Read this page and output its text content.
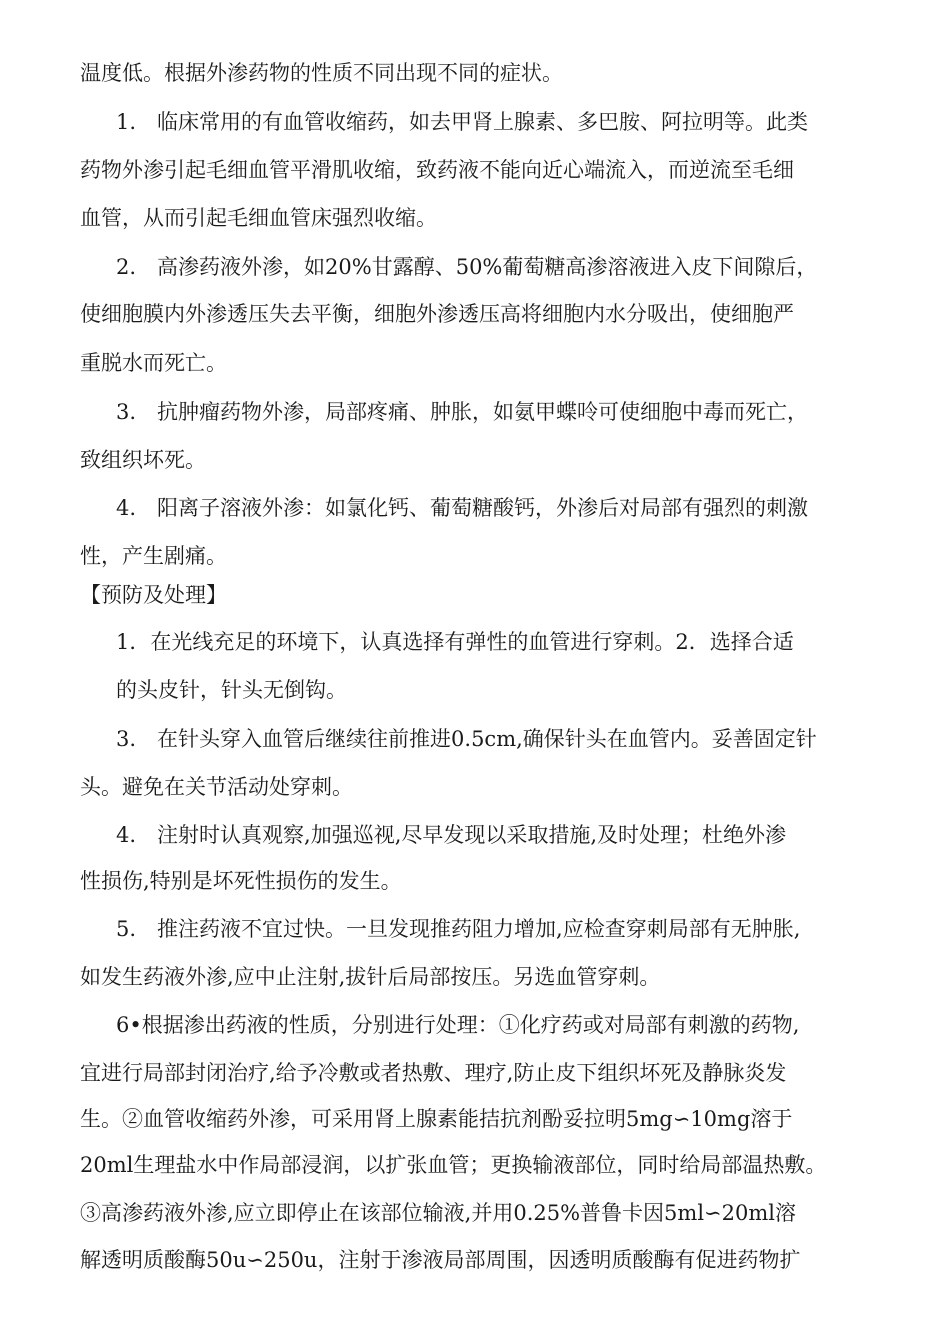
温度低。根据外渗药物的性质不同出现不同的症状。
1.　临床常用的有血管收缩药，如去甲肾上腺素、多巴胺、阿拉明等。此类
药物外渗引起毛细血管平滑肌收缩，致药液不能向近心端流入，而逆流至毛细
血管，从而引起毛细血管床强烈收缩。
2.　高渗药液外渗，如20%甘露醇、50%葡萄糖高渗溶液进入皮下间隙后，
使细胞膜内外渗透压失去平衡，细胞外渗透压高将细胞内水分吸出，使细胞严
重脱水而死亡。
3.　抗肿瘤药物外渗，局部疼痛、肿胀，如氨甲蝶呤可使细胞中毒而死亡，
致组织坏死。
4.　阳离子溶液外渗：如氯化钙、葡萄糖酸钙，外渗后对局部有强烈的刺激
性，产生剧痛。
【预防及处理】
1．在光线充足的环境下，认真选择有弹性的血管进行穿刺。2．选择合适
的头皮针，针头无倒钩。
3.　在针头穿入血管后继续往前推进0.5cm,确保针头在血管内。妥善固定针
头。避免在关节活动处穿刺。
4.　注射时认真观察,加强巡视,尽早发现以采取措施,及时处理；杜绝外渗
性损伤,特别是坏死性损伤的发生。
5.　推注药液不宜过快。一旦发现推药阻力增加,应检查穿刺局部有无肿胀,
如发生药液外渗,应中止注射,拔针后局部按压。另选血管穿刺。
6•根据渗出药液的性质，分别进行处理：①化疗药或对局部有刺激的药物,
宜进行局部封闭治疗,给予冷敷或者热敷、理疗,防止皮下组织坏死及静脉炎发
生。②血管收缩药外渗，可采用肾上腺素能拮抗剂酚妥拉明5mg∽10mg溶于
20ml生理盐水中作局部浸润，以扩张血管；更换输液部位，同时给局部温热敷。
③高渗药液外渗,应立即停止在该部位输液,并用0.25%普鲁卡因5ml∽20ml溶
解透明质酸酶50u∽250u，注射于渗液局部周围，因透明质酸酶有促进药物扩
